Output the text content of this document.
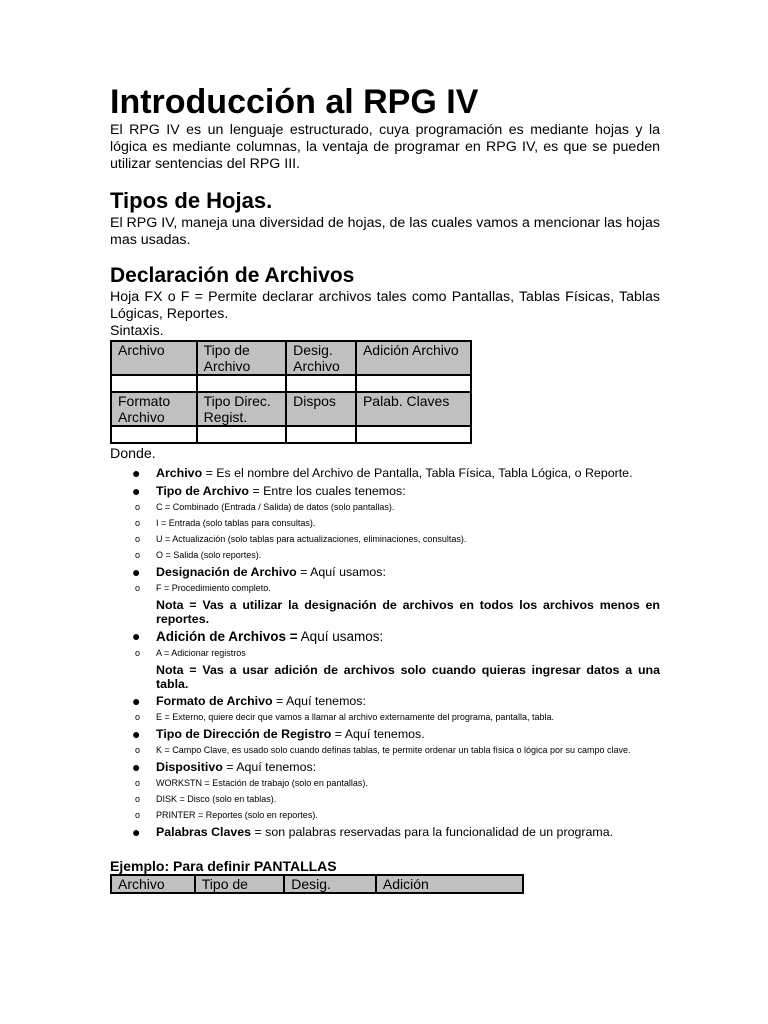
Introducción al RPG IV

El RPG IV es un lenguaje estructurado, cuya programación es mediante hojas y la lógica es mediante columnas, la ventaja de programar en RPG IV, es que se pueden utilizar sentencias del RPG III.

Tipos de Hojas.

El RPG IV, maneja una diversidad de hojas, de las cuales vamos a mencionar las hojas mas usadas.

Declaración de Archivos

Hoja FX o F = Permite declarar archivos tales como Pantallas, Tablas Físicas, Tablas Lógicas, Reportes.

Sintaxis.

Archivo	Tipo de Archivo	Desig. Archivo	Adición Archivo

Formato Archivo	Tipo Direc. Regist.	Dispos	Palab. Claves

Donde.

● Archivo = Es el nombre del Archivo de Pantalla, Tabla Física, Tabla Lógica, o Reporte.
● Tipo de Archivo = Entre los cuales tenemos:
o C = Combinado (Entrada / Salida) de datos (solo pantallas).
o I = Entrada (solo tablas para consultas).
o U = Actualización (solo tablas para actualizaciones, eliminaciones, consultas).
o O = Salida (solo reportes).
● Designación de Archivo = Aquí usamos:
o F = Procedimiento completo.
Nota = Vas a utilizar la designación de archivos en todos los archivos menos en reportes.
● Adición de Archivos = Aquí usamos:
o A = Adicionar registros
Nota = Vas a usar adición de archivos solo cuando quieras ingresar datos a una tabla.
● Formato de Archivo = Aquí tenemos:
o E = Externo, quiere decir que vamos a llamar al archivo externamente del programa, pantalla, tabla.
● Tipo de Dirección de Registro = Aquí tenemos.
o K = Campo Clave, es usado solo cuando definas tablas, te permite ordenar un tabla física o lógica por su campo clave.
● Dispositivo = Aquí tenemos:
o WORKSTN = Estación de trabajo (solo en pantallas).
o DISK = Disco (solo en tablas).
o PRINTER = Reportes (solo en reportes).
● Palabras Claves = son palabras reservadas para la funcionalidad de un programa.
Ejemplo: Para definir PANTALLAS
Archivo	Tipo de	Desig.	Adición
